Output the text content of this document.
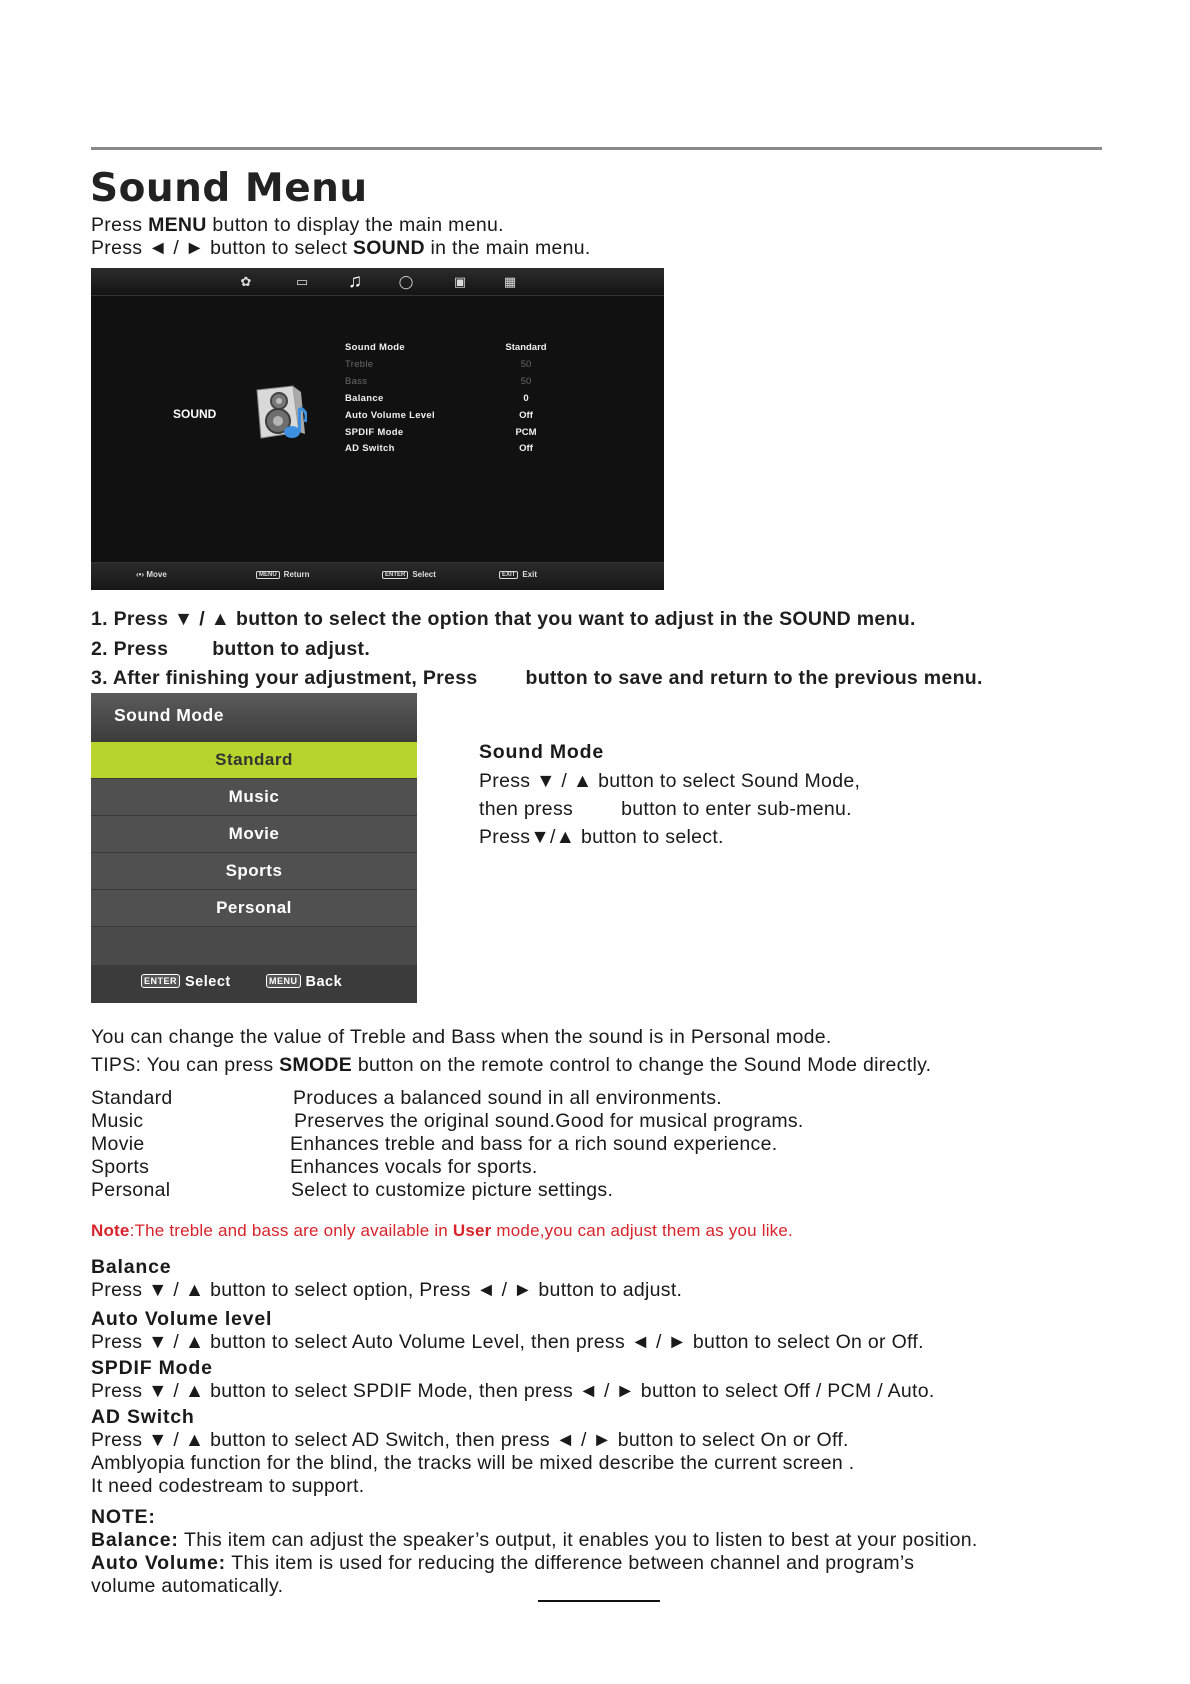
Sound Menu
Press MENU button to display the main menu.
Press ◄ / ► button to select SOUND in the main menu.
✿	▭ ♫	◯	▣	▦
SOUND
Sound Mode	Standard
Treble	50
Bass	50
Balance	0
Auto Volume Level	Off
SPDIF Mode	PCM
AD Switch	Off
‹•› Move	MENU Return	ENTER Select	EXIT Exit
1. Press ▼ / ▲ button to select the option that you want to adjust in the SOUND menu.
2. Press button to adjust.
3. After finishing your adjustment, Press button to save and return to the previous menu.
Sound Mode
Standard
Music
Movie
Sports
Personal
ENTER Select	MENU Back
Sound Mode
Press ▼ / ▲ button to select Sound Mode,
then press button to enter sub-menu.
Press▼/▲ button to select.
You can change the value of Treble and Bass when the sound is in Personal mode.
TIPS: You can press SMODE button on the remote control to change the Sound Mode directly.
Standard	Produces a balanced sound in all environments.
Music	Preserves the original sound.Good for musical programs.
Movie	Enhances treble and bass for a rich sound experience.
Sports	Enhances vocals for sports.
Personal	Select to customize picture settings.
Note:The treble and bass are only available in User mode,you can adjust them as you like.
Balance
Press ▼ / ▲ button to select option, Press ◄ / ► button to adjust.
Auto Volume level
Press ▼ / ▲ button to select Auto Volume Level, then press ◄ / ► button to select On or Off.
SPDIF Mode
Press ▼ / ▲ button to select SPDIF Mode, then press ◄ / ► button to select Off / PCM / Auto.
AD Switch
Press ▼ / ▲ button to select AD Switch, then press ◄ / ► button to select On or Off.
Amblyopia function for the blind, the tracks will be mixed describe the current screen .
It need codestream to support.
NOTE:
Balance: This item can adjust the speaker’s output, it enables you to listen to best at your position.
Auto Volume: This item is used for reducing the difference between channel and program’s
volume automatically.
